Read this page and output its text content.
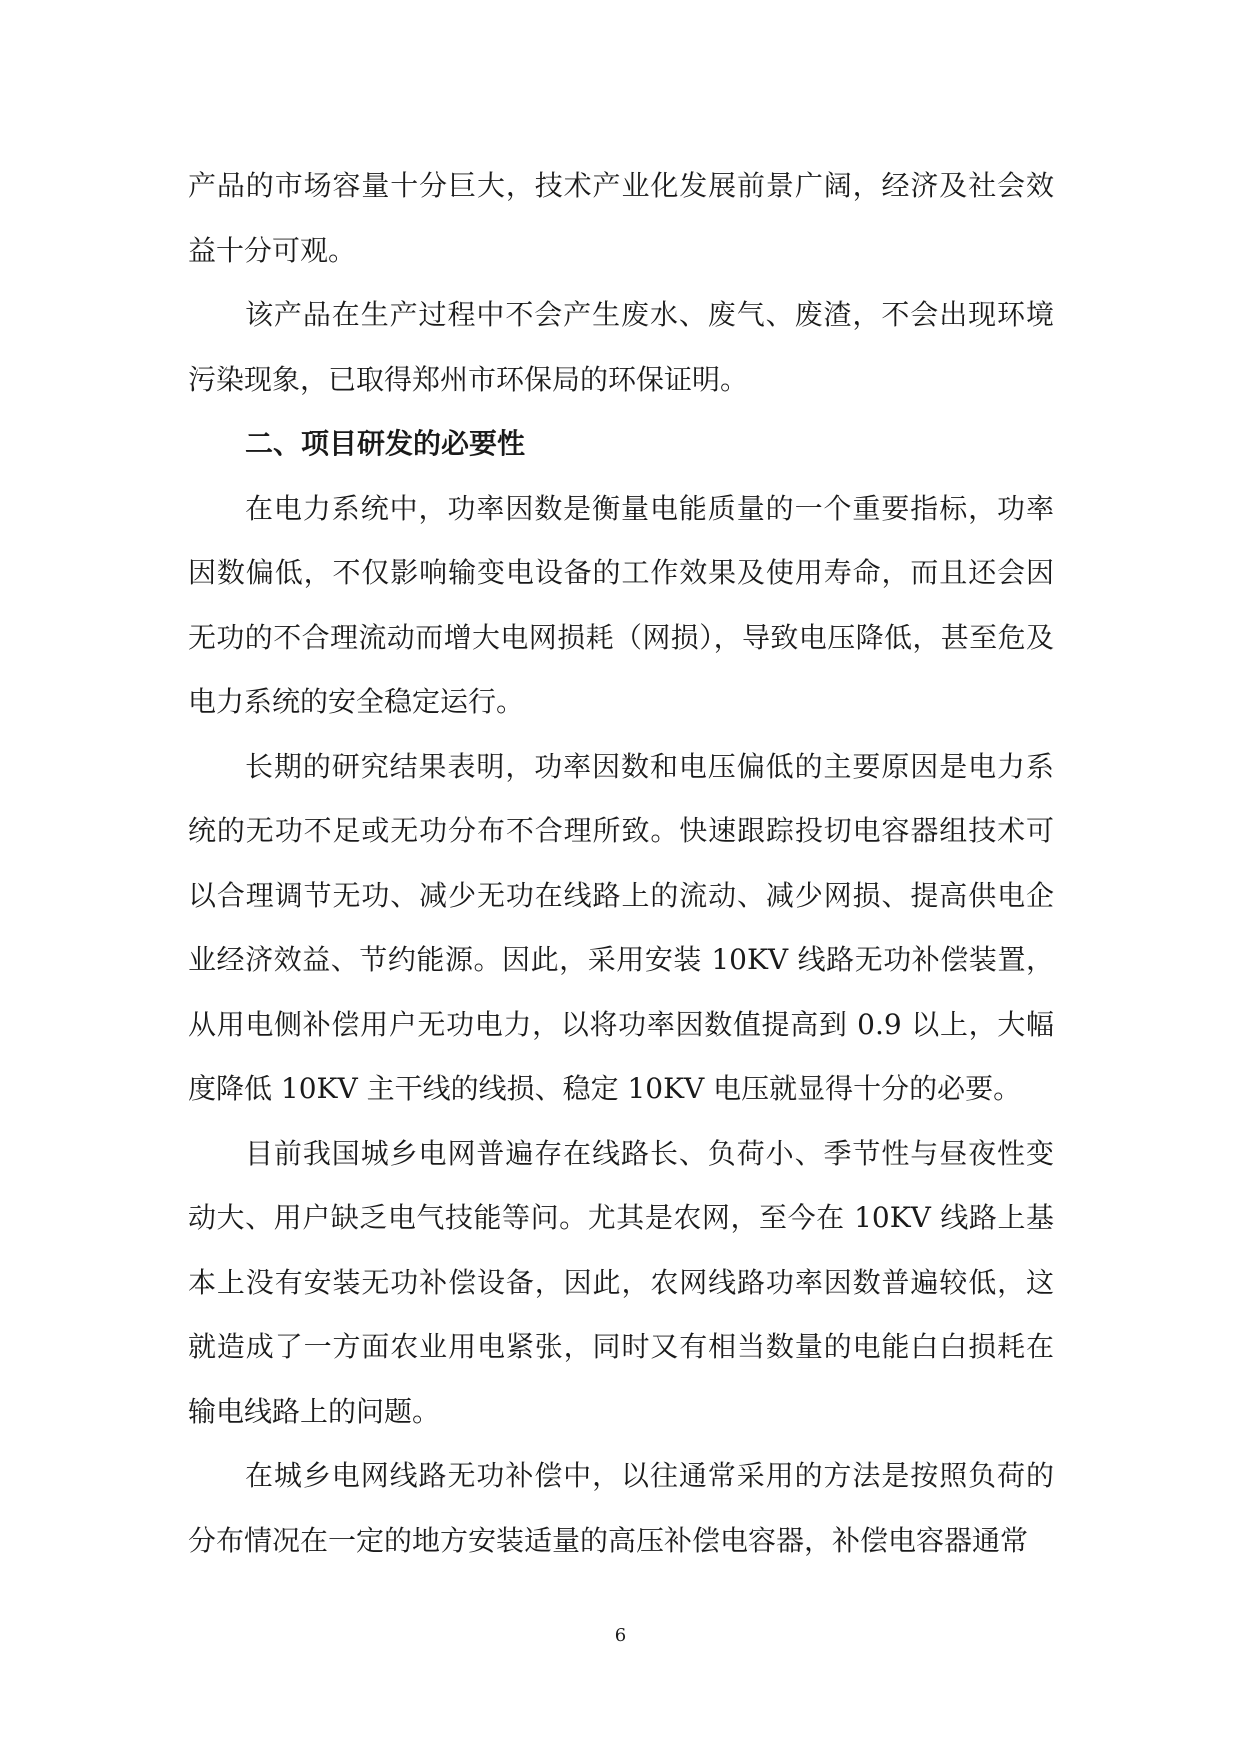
产品的市场容量十分巨大，技术产业化发展前景广阔，经济及社会效益十分可观。

该产品在生产过程中不会产生废水、废气、废渣，不会出现环境污染现象，已取得郑州市环保局的环保证明。

二、项目研发的必要性

在电力系统中，功率因数是衡量电能质量的一个重要指标，功率因数偏低，不仅影响输变电设备的工作效果及使用寿命，而且还会因无功的不合理流动而增大电网损耗（网损），导致电压降低，甚至危及电力系统的安全稳定运行。

长期的研究结果表明，功率因数和电压偏低的主要原因是电力系统的无功不足或无功分布不合理所致。快速跟踪投切电容器组技术可以合理调节无功、减少无功在线路上的流动、减少网损、提高供电企业经济效益、节约能源。因此，采用安装 10KV 线路无功补偿装置，从用电侧补偿用户无功电力，以将功率因数值提高到 0.9 以上，大幅度降低 10KV 主干线的线损、稳定 10KV 电压就显得十分的必要。

目前我国城乡电网普遍存在线路长、负荷小、季节性与昼夜性变动大、用户缺乏电气技能等问。尤其是农网，至今在 10KV 线路上基本上没有安装无功补偿设备，因此，农网线路功率因数普遍较低，这就造成了一方面农业用电紧张，同时又有相当数量的电能白白损耗在输电线路上的问题。

在城乡电网线路无功补偿中，以往通常采用的方法是按照负荷的分布情况在一定的地方安装适量的高压补偿电容器，补偿电容器通常

6
